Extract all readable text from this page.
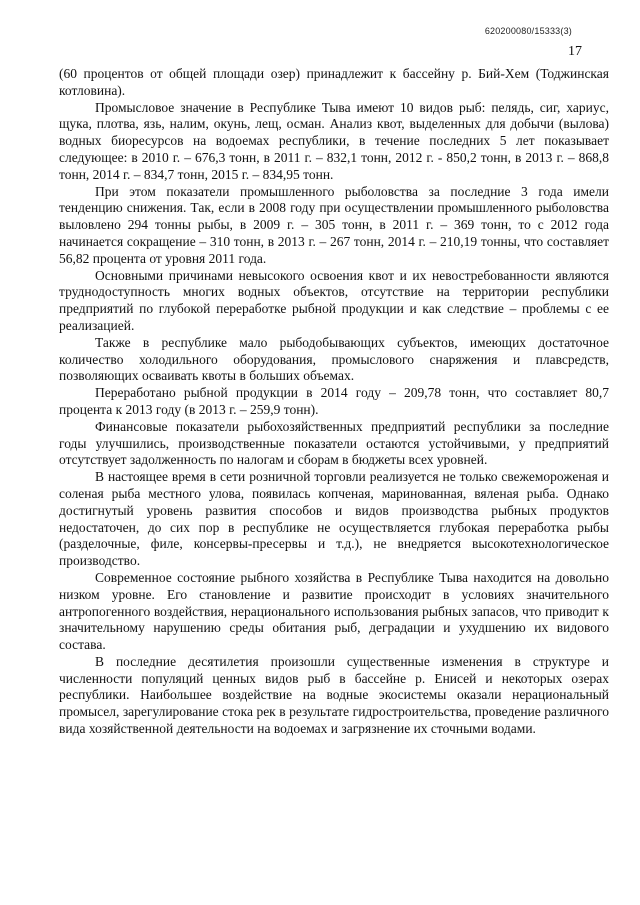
620200080/15333(3)
17

(60 процентов от общей площади озер) принадлежит к бассейну р. Бий-Хем (Тоджинская котловина).

Промысловое значение в Республике Тыва имеют 10 видов рыб: пелядь, сиг, хариус, щука, плотва, язь, налим, окунь, лещ, осман. Анализ квот, выделенных для добычи (вылова) водных биоресурсов на водоемах республики, в течение последних 5 лет показывает следующее: в 2010 г. – 676,3 тонн, в 2011 г. – 832,1 тонн, 2012 г. - 850,2 тонн, в 2013 г. – 868,8 тонн, 2014 г. – 834,7 тонн, 2015 г. – 834,95 тонн.

При этом показатели промышленного рыболовства за последние 3 года имели тенденцию снижения. Так, если в 2008 году при осуществлении промышленного рыболовства выловлено 294 тонны рыбы, в 2009 г. – 305 тонн, в 2011 г. – 369 тонн, то с 2012 года начинается сокращение – 310 тонн, в 2013 г. – 267 тонн, 2014 г. – 210,19 тонны, что составляет 56,82 процента от уровня 2011 года.

Основными причинами невысокого освоения квот и их невостребованности являются труднодоступность многих водных объектов, отсутствие на территории республики предприятий по глубокой переработке рыбной продукции и как следствие – проблемы с ее реализацией.

Также в республике мало рыбодобывающих субъектов, имеющих достаточное количество холодильного оборудования, промыслового снаряжения и плавсредств, позволяющих осваивать квоты в больших объемах.

Переработано рыбной продукции в 2014 году – 209,78 тонн, что составляет 80,7 процента к 2013 году (в 2013 г. – 259,9 тонн).

Финансовые показатели рыбохозяйственных предприятий республики за последние годы улучшились, производственные показатели остаются устойчивыми, у предприятий отсутствует задолженность по налогам и сборам в бюджеты всех уровней.

В настоящее время в сети розничной торговли реализуется не только свежемороженая и соленая рыба местного улова, появилась копченая, маринованная, вяленая рыба. Однако достигнутый уровень развития способов и видов производства рыбных продуктов недостаточен, до сих пор в республике не осуществляется глубокая переработка рыбы (разделочные, филе, консервы-пресервы и т.д.), не внедряется высокотехнологическое производство.

Современное состояние рыбного хозяйства в Республике Тыва находится на довольно низком уровне. Его становление и развитие происходит в условиях значительного антропогенного воздействия, нерационального использования рыбных запасов, что приводит к значительному нарушению среды обитания рыб, деградации и ухудшению их видового состава.

В последние десятилетия произошли существенные изменения в структуре и численности популяций ценных видов рыб в бассейне р. Енисей и некоторых озерах республики. Наибольшее воздействие на водные экосистемы оказали нерациональный промысел, зарегулирование стока рек в результате гидростроительства, проведение различного вида хозяйственной деятельности на водоемах и загрязнение их сточными водами.
